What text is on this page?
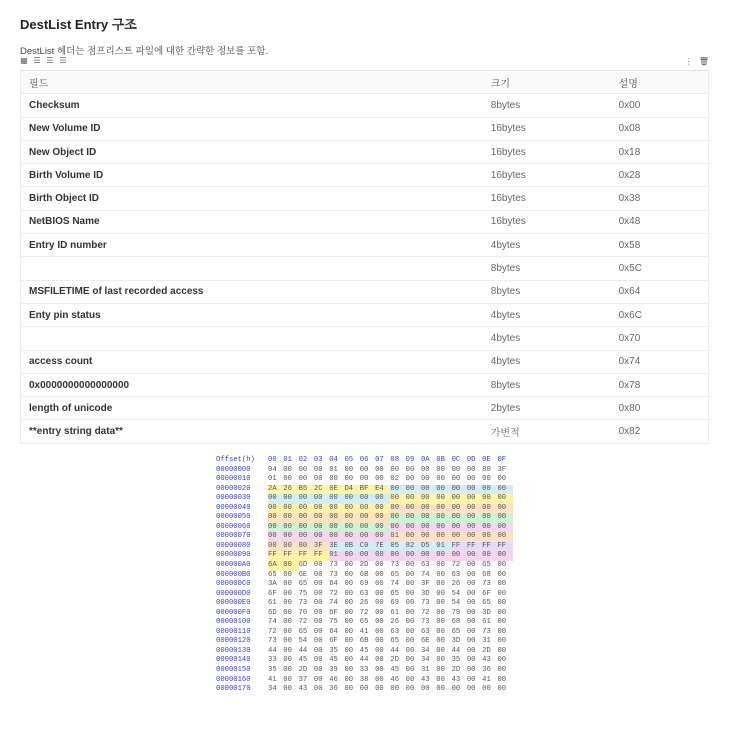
DestList Entry 구조
DestList 헤더는 점프리스트 파일에 대한 간략한 정보를 포함.
▦ ☰ ☰ ☰	⋮ 🗑
필드	크기	설명
Checksum	8bytes	0x00
New Volume ID	16bytes	0x08
New Object ID	16bytes	0x18
Birth Volume ID	16bytes	0x28
Birth Object ID	16bytes	0x38
NetBIOS Name	16bytes	0x48
Entry ID number	4bytes	0x58
	8bytes	0x5C
MSFILETIME of last recorded access	8bytes	0x64
Enty pin status	4bytes	0x6C
	4bytes	0x70
access count	4bytes	0x74
0x0000000000000000	8bytes	0x78
length of unicode	2bytes	0x80
**entry string data**	가변적	0x82
Offset(h)	00 01 02 03 04 05 06 07 08 09 0A 0B 0C 0D 0E 0F
00000000	04 00 00 00 01 00 00 00 00 00 00 00 00 00 80 3F
00000010	01 00 00 00 00 00 00 00 02 00 00 00 00 00 00 00
00000020	2A 26 B5 2C 0E D4 BF E4 00 00 00 00 00 00 00 00
00000030	00 00 00 00 00 00 00 00 00 00 00 00 00 00 00 00
00000040	00 00 00 00 00 00 00 00 00 00 00 00 00 00 00 00
00000050	00 00 00 00 00 00 00 00 00 00 00 00 00 00 00 00
00000060	00 00 00 00 00 00 00 00 00 00 00 00 00 00 00 00
00000070	00 00 00 00 00 00 00 00 01 00 00 00 00 00 00 00
00000080	00 00 80 3F 3E 0B C0 7E 05 82 D5 01 FF FF FF FF
00000090	FF FF FF FF 01 00 00 00 00 00 00 00 00 00 00 00
000000A0	6A 00 6D 00 73 00 2D 00 73 00 63 00 72 00 65 00
000000B0	65 00 6E 00 73 00 6B 00 65 00 74 00 63 00 68 00
000000C0	3A 00 65 00 64 00 69 00 74 00 3F 00 26 00 73 00
000000D0	6F 00 75 00 72 00 63 00 65 00 3D 00 54 00 6F 00
000000E0	61 00 73 00 74 00 26 00 69 00 73 00 54 00 65 00
000000F0	6D 00 70 00 6F 00 72 00 61 00 72 00 79 00 3D 00
00000100	74 00 72 00 75 00 65 00 26 00 73 00 68 00 61 00
00000110	72 00 65 00 64 00 41 00 63 00 63 00 65 00 73 00
00000120	73 00 54 00 6F 00 6B 00 65 00 6E 00 3D 00 31 00
00000130	44 00 44 00 35 00 45 00 44 00 34 00 44 00 2D 00
00000140	33 00 45 00 45 00 44 00 2D 00 34 00 35 00 43 00
00000150	35 00 2D 00 39 00 33 00 45 00 31 00 2D 00 36 00
00000160	41 00 37 00 46 00 38 00 46 00 43 00 43 00 41 00
00000170	34 00 43 00 36 00 00 00 00 00 00 00 00 00 00 00
